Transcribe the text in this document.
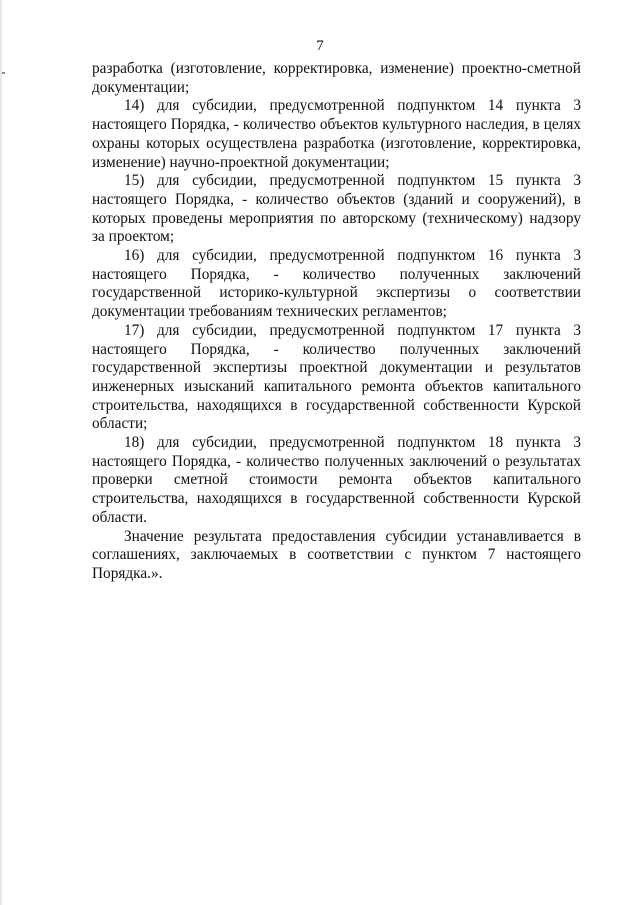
7

разработка (изготовление, корректировка, изменение) проектно-сметной документации;

14) для субсидии, предусмотренной подпунктом 14 пункта 3 настоящего Порядка, - количество объектов культурного наследия, в целях охраны которых осуществлена разработка (изготовление, корректировка, изменение) научно-проектной документации;

15) для субсидии, предусмотренной подпунктом 15 пункта 3 настоящего Порядка, - количество объектов (зданий и сооружений), в которых проведены мероприятия по авторскому (техническому) надзору за проектом;

16) для субсидии, предусмотренной подпунктом 16 пункта 3 настоящего Порядка, - количество полученных заключений государственной историко-культурной экспертизы о соответствии документации требованиям технических регламентов;

17) для субсидии, предусмотренной подпунктом 17 пункта 3 настоящего Порядка, - количество полученных заключений государственной экспертизы проектной документации и результатов инженерных изысканий капитального ремонта объектов капитального строительства, находящихся в государственной собственности Курской области;

18) для субсидии, предусмотренной подпунктом 18 пункта 3 настоящего Порядка, - количество полученных заключений о результатах проверки сметной стоимости ремонта объектов капитального строительства, находящихся в государственной собственности Курской области.

Значение результата предоставления субсидии устанавливается в соглашениях, заключаемых в соответствии с пунктом 7 настоящего Порядка.».
